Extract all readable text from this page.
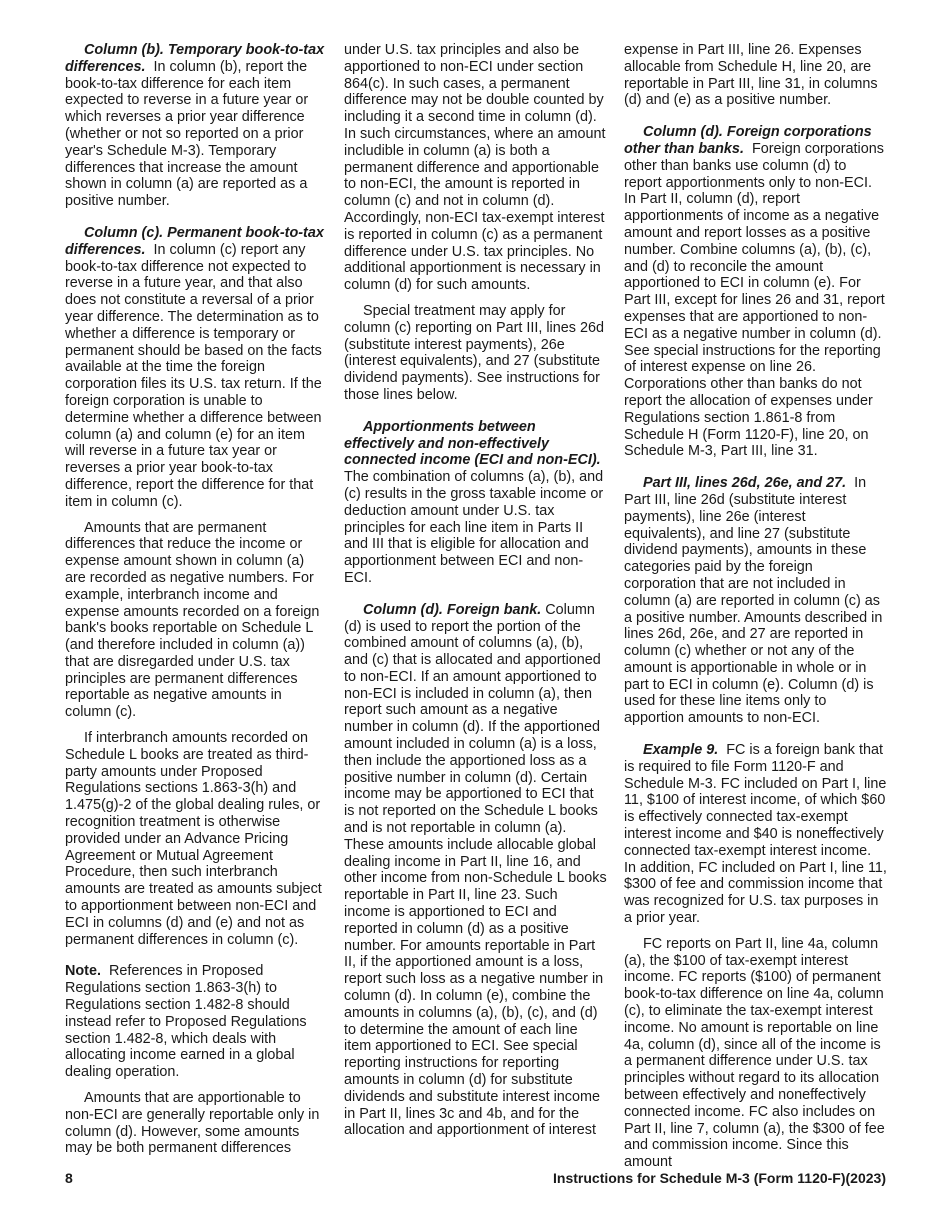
Column (b). Temporary book-to-tax differences. In column (b), report the book-to-tax difference for each item expected to reverse in a future year or which reverses a prior year difference (whether or not so reported on a prior year's Schedule M-3). Temporary differences that increase the amount shown in column (a) are reported as a positive number.

Column (c). Permanent book-to-tax differences. In column (c) report any book-to-tax difference not expected to reverse in a future year, and that also does not constitute a reversal of a prior year difference. The determination as to whether a difference is temporary or permanent should be based on the facts available at the time the foreign corporation files its U.S. tax return. If the foreign corporation is unable to determine whether a difference between column (a) and column (e) for an item will reverse in a future tax year or reverses a prior year book-to-tax difference, report the difference for that item in column (c).

Amounts that are permanent differences that reduce the income or expense amount shown in column (a) are recorded as negative numbers. For example, interbranch income and expense amounts recorded on a foreign bank's books reportable on Schedule L (and therefore included in column (a)) that are disregarded under U.S. tax principles are permanent differences reportable as negative amounts in column (c).

If interbranch amounts recorded on Schedule L books are treated as third-party amounts under Proposed Regulations sections 1.863-3(h) and 1.475(g)-2 of the global dealing rules, or recognition treatment is otherwise provided under an Advance Pricing Agreement or Mutual Agreement Procedure, then such interbranch amounts are treated as amounts subject to apportionment between non-ECI and ECI in columns (d) and (e) and not as permanent differences in column (c).

Note. References in Proposed Regulations section 1.863-3(h) to Regulations section 1.482-8 should instead refer to Proposed Regulations section 1.482-8, which deals with allocating income earned in a global dealing operation.

Amounts that are apportionable to non-ECI are generally reportable only in column (d). However, some amounts may be both permanent differences

under U.S. tax principles and also be apportioned to non-ECI under section 864(c). In such cases, a permanent difference may not be double counted by including it a second time in column (d). In such circumstances, where an amount includible in column (a) is both a permanent difference and apportionable to non-ECI, the amount is reported in column (c) and not in column (d). Accordingly, non-ECI tax-exempt interest is reported in column (c) as a permanent difference under U.S. tax principles. No additional apportionment is necessary in column (d) for such amounts.

Special treatment may apply for column (c) reporting on Part III, lines 26d (substitute interest payments), 26e (interest equivalents), and 27 (substitute dividend payments). See instructions for those lines below.

Apportionments between effectively and non-effectively connected income (ECI and non-ECI).  The combination of columns (a), (b), and (c) results in the gross taxable income or deduction amount under U.S. tax principles for each line item in Parts II and III that is eligible for allocation and apportionment between ECI and non-ECI.

Column (d). Foreign bank. Column (d) is used to report the portion of the combined amount of columns (a), (b), and (c) that is allocated and apportioned to non-ECI. If an amount apportioned to non-ECI is included in column (a), then report such amount as a negative number in column (d). If the apportioned amount included in column (a) is a loss, then include the apportioned loss as a positive number in column (d). Certain income may be apportioned to ECI that is not reported on the Schedule L books and is not reportable in column (a). These amounts include allocable global dealing income in Part II, line 16, and other income from non-Schedule L books reportable in Part II, line 23. Such income is apportioned to ECI and reported in column (d) as a positive number. For amounts reportable in Part II, if the apportioned amount is a loss, report such loss as a negative number in column (d). In column (e), combine the amounts in columns (a), (b), (c), and (d) to determine the amount of each line item apportioned to ECI. See special reporting instructions for reporting amounts in column (d) for substitute dividends and substitute interest income in Part II, lines 3c and 4b, and for the allocation and apportionment of interest

expense in Part III, line 26. Expenses allocable from Schedule H, line 20, are reportable in Part III, line 31, in columns (d) and (e) as a positive number.

Column (d). Foreign corporations other than banks. Foreign corporations other than banks use column (d) to report apportionments only to non-ECI. In Part II, column (d), report apportionments of income as a negative amount and report losses as a positive number. Combine columns (a), (b), (c), and (d) to reconcile the amount apportioned to ECI in column (e). For Part III, except for lines 26 and 31, report expenses that are apportioned to non-ECI as a negative number in column (d). See special instructions for the reporting of interest expense on line 26. Corporations other than banks do not report the allocation of expenses under Regulations section 1.861-8 from Schedule H (Form 1120-F), line 20, on Schedule M-3, Part III, line 31.

Part III, lines 26d, 26e, and 27. In Part III, line 26d (substitute interest payments), line 26e (interest equivalents), and line 27 (substitute dividend payments), amounts in these categories paid by the foreign corporation that are not included in column (a) are reported in column (c) as a positive number. Amounts described in lines 26d, 26e, and 27 are reported in column (c) whether or not any of the amount is apportionable in whole or in part to ECI in column (e). Column (d) is used for these line items only to apportion amounts to non-ECI.

Example 9. FC is a foreign bank that is required to file Form 1120-F and Schedule M-3. FC included on Part I, line 11, $100 of interest income, of which $60 is effectively connected tax-exempt interest income and $40 is noneffectively connected tax-exempt interest income. In addition, FC included on Part I, line 11, $300 of fee and commission income that was recognized for U.S. tax purposes in a prior year.

FC reports on Part II, line 4a, column (a), the $100 of tax-exempt interest income. FC reports ($100) of permanent book-to-tax difference on line 4a, column (c), to eliminate the tax-exempt interest income. No amount is reportable on line 4a, column (d), since all of the income is a permanent difference under U.S. tax principles without regard to its allocation between effectively and noneffectively connected income. FC also includes on Part II, line 7, column (a), the $300 of fee and commission income. Since this amount

8	Instructions for Schedule M-3 (Form 1120-F)(2023)
